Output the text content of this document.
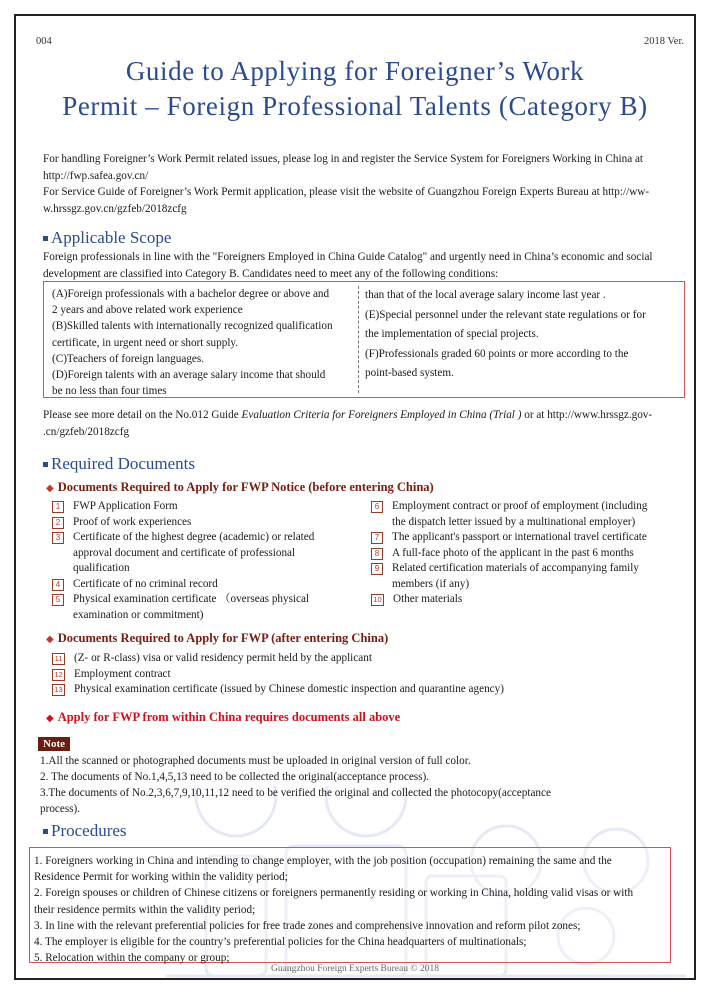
004	2018 Ver.
Guide to Applying for Foreigner’s Work
Permit – Foreign Professional Talents (Category B)
For handling Foreigner’s Work Permit related issues, please log in and register the Service System for Foreigners Working in China at
http://fwp.safea.gov.cn/
For Service Guide of Foreigner’s Work Permit application, please visit the website of Guangzhou Foreign Experts Bureau at http://ww-
w.hrssgz.gov.cn/gzfeb/2018zcfg
Applicable Scope
Foreign professionals in line with the "Foreigners Employed in China Guide Catalog" and urgently need in China’s economic and social
development are classified into Category B. Candidates need to meet any of the following conditions:
(A)Foreign professionals with a bachelor degree or above and
2 years and above related work experience
(B)Skilled talents with internationally recognized qualification
certificate, in urgent need or short supply.
(C)Teachers of foreign languages.
(D)Foreign talents with an average salary income that should
be no less than four times
than that of the local average salary income last year .
(E)Special personnel under the relevant state regulations or for
the implementation of special projects.
(F)Professionals graded 60 points or more according to the
point-based system.
Please see more detail on the No.012 Guide Evaluation Criteria for Foreigners Employed in China (Trial ) or at http://www.hrssgz.gov-
.cn/gzfeb/2018zcfg
Required Documents
◆ Documents Required to Apply for FWP Notice (before entering China)
1	FWP Application Form
2	Proof of work experiences
3	Certificate of the highest degree (academic) or related
approval document and certificate of professional
qualification
4	Certificate of no criminal record
5	Physical examination certificate （overseas physical
examination or commitment)
6	Employment contract or proof of employment (including
the dispatch letter issued by a multinational employer)
7	The applicant's passport or international travel certificate
8	A full-face photo of the applicant in the past 6 months
9	Related certification materials of accompanying family
members (if any)
10 Other materials
◆ Documents Required to Apply for FWP (after entering China)
11 (Z- or R-class) visa or valid residency permit held by the applicant
12 Employment contract
13 Physical examination certificate (issued by Chinese domestic inspection and quarantine agency)
◆ Apply for FWP from within China requires documents all above
Note
1.All the scanned or photographed documents must be uploaded in original version of full color.
2. The documents of No.1,4,5,13 need to be collected the original(acceptance process).
3.The documents of No.2,3,6,7,9,10,11,12 need to be verified the original and collected the photocopy(acceptance
process).
Procedures
1. Foreigners working in China and intending to change employer, with the job position (occupation) remaining the same and the
Residence Permit for working within the validity period;
2. Foreign spouses or children of Chinese citizens or foreigners permanently residing or working in China, holding valid visas or with
their residence permits within the validity period;
3. In line with the relevant preferential policies for free trade zones and comprehensive innovation and reform pilot zones;
4. The employer is eligible for the country’s preferential policies for the China headquarters of multinationals;
5. Relocation within the company or group;
Guangzhou Foreign Experts Bureau © 2018
